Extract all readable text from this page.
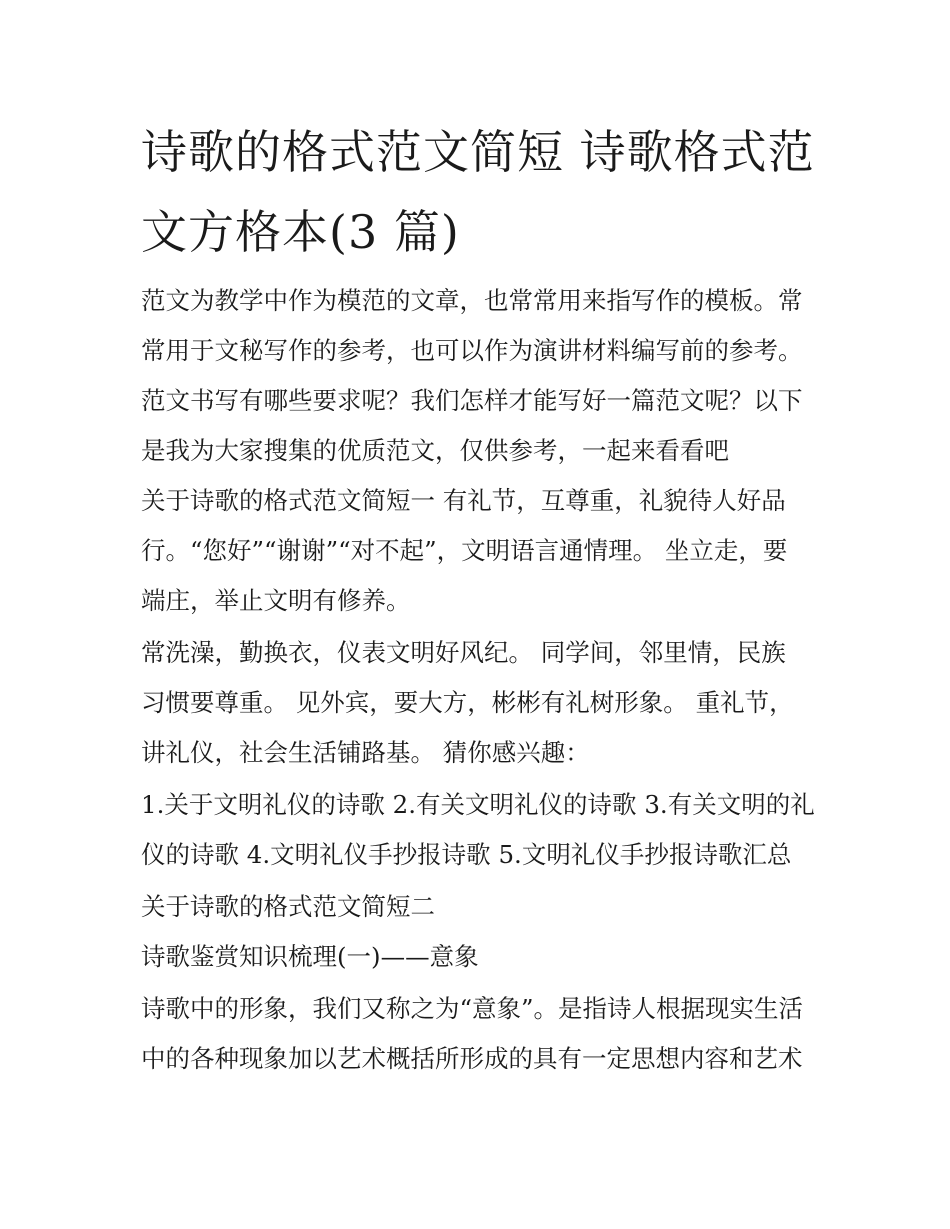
诗歌的格式范文简短 诗歌格式范文方格本(3 篇)

范文为教学中作为模范的文章，也常常用来指写作的模板。常

常用于文秘写作的参考，也可以作为演讲材料编写前的参考。

范文书写有哪些要求呢？我们怎样才能写好一篇范文呢？以下

是我为大家搜集的优质范文，仅供参考，一起来看看吧

关于诗歌的格式范文简短一 有礼节，互尊重，礼貌待人好品

行。“您好”“谢谢”“对不起”，文明语言通情理。 坐立走，要

端庄，举止文明有修养。

常洗澡，勤换衣，仪表文明好风纪。 同学间，邻里情，民族

习惯要尊重。 见外宾，要大方，彬彬有礼树形象。 重礼节，

讲礼仪，社会生活铺路基。 猜你感兴趣：

1.关于文明礼仪的诗歌 2.有关文明礼仪的诗歌 3.有关文明的礼

仪的诗歌 4.文明礼仪手抄报诗歌 5.文明礼仪手抄报诗歌汇总

关于诗歌的格式范文简短二

诗歌鉴赏知识梳理(一)——意象

诗歌中的形象，我们又称之为“意象”。是指诗人根据现实生活

中的各种现象加以艺术概括所形成的具有一定思想内容和艺术
